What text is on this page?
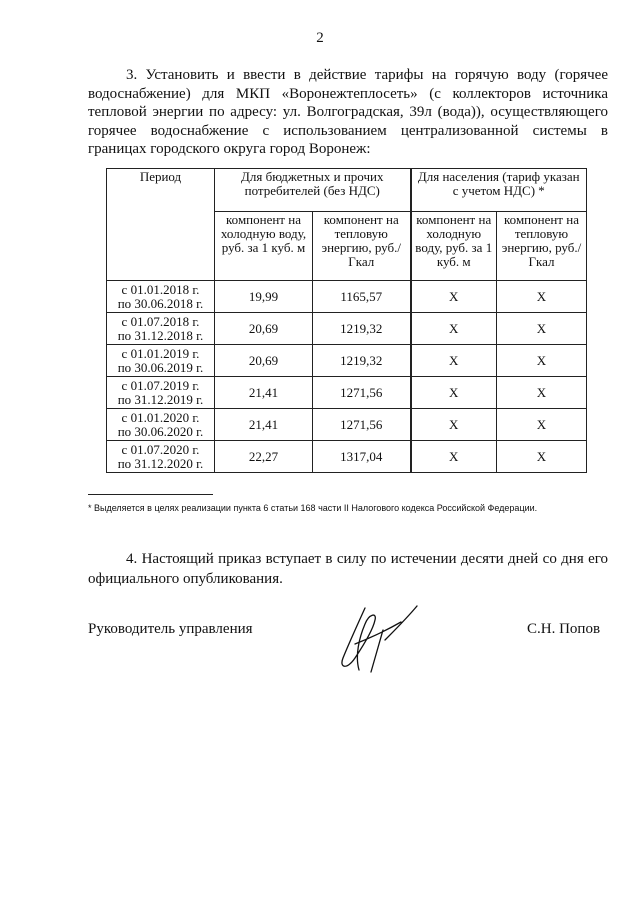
2

3. Установить и ввести в действие тарифы на горячую воду (горячее водоснабжение) для МКП «Воронежтеплосеть» (с коллекторов источника тепловой энергии по адресу: ул. Волгоградская, 39л (вода)), осуществляющего горячее водоснабжение с использованием централизованной системы в границах городского округа город Воронеж:

Период	Для бюджетных и прочих потребителей (без НДС)		Для населения (тариф указан с учетом НДС) *	
	компонент на холодную воду, руб. за 1 куб. м	компонент на тепловую энергию, руб./Гкал	компонент на холодную воду, руб. за 1 куб. м	компонент на тепловую энергию, руб./Гкал
с 01.01.2018 г.
по 30.06.2018 г.	19,99	1165,57	Х	Х
с 01.07.2018 г.
по 31.12.2018 г.	20,69	1219,32	Х	Х
с 01.01.2019 г.
по 30.06.2019 г.	20,69	1219,32	Х	Х
с 01.07.2019 г.
по 31.12.2019 г.	21,41	1271,56	Х	Х
с 01.01.2020 г.
по 30.06.2020 г.	21,41	1271,56	Х	Х
с 01.07.2020 г.
по 31.12.2020 г.	22,27	1317,04	Х	Х
* Выделяется в целях реализации пункта 6 статьи 168 части II Налогового кодекса Российской Федерации.

4. Настоящий приказ вступает в силу по истечении десяти дней со дня его официального опубликования.

Руководитель управления	С.Н. Попов
